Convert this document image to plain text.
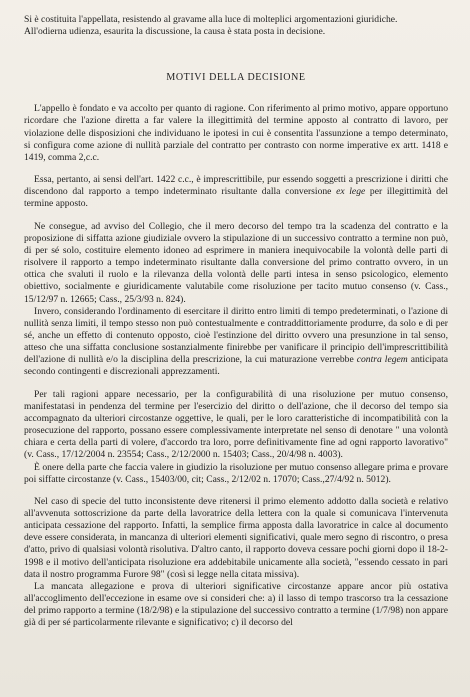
Si è costituita l'appellata, resistendo al gravame alla luce di molteplici argomentazioni giuridiche.
All'odierna udienza, esaurita la discussione, la causa è stata posta in decisione.

MOTIVI DELLA DECISIONE

L'appello è fondato e va accolto per quanto di ragione. Con riferimento al primo motivo, appare opportuno ricordare che l'azione diretta a far valere la illegittimità del termine apposto al contratto di lavoro, per violazione delle disposizioni che individuano le ipotesi in cui è consentita l'assunzione a tempo determinato, si configura come azione di nullità parziale del contratto per contrasto con norme imperative ex artt. 1418 e 1419, comma 2,c.c.

Essa, pertanto, ai sensi dell'art. 1422 c.c., è imprescrittibile, pur essendo soggetti a prescrizione i diritti che discendono dal rapporto a tempo indeterminato risultante dalla conversione ex lege per illegittimità del termine apposto.

Ne consegue, ad avviso del Collegio, che il mero decorso del tempo tra la scadenza del contratto e la proposizione di siffatta azione giudiziale ovvero la stipulazione di un successivo contratto a termine non può, di per sé solo, costituire elemento idoneo ad esprimere in maniera inequivocabile la volontà delle parti di risolvere il rapporto a tempo indeterminato risultante dalla conversione del primo contratto ovvero, in un ottica che svaluti il ruolo e la rilevanza della volontà delle parti intesa in senso psicologico, elemento obiettivo, socialmente e giuridicamente valutabile come risoluzione per tacito mutuo consenso (v. Cass., 15/12/97 n. 12665; Cass., 25/3/93 n. 824).

Invero, considerando l'ordinamento di esercitare il diritto entro limiti di tempo predeterminati, o l'azione di nullità senza limiti, il tempo stesso non può contestualmente e contraddittoriamente produrre, da solo e di per sé, anche un effetto di contenuto opposto, cioè l'estinzione del diritto ovvero una presunzione in tal senso, atteso che una siffatta conclusione sostanzialmente finirebbe per vanificare il principio dell'imprescrittibilità dell'azione di nullità e/o la disciplina della prescrizione, la cui maturazione verrebbe contra legem anticipata secondo contingenti e discrezionali apprezzamenti.

Per tali ragioni appare necessario, per la configurabilità di una risoluzione per mutuo consenso, manifestatasi in pendenza del termine per l'esercizio del diritto o dell'azione, che il decorso del tempo sia accompagnato da ulteriori circostanze oggettive, le quali, per le loro caratteristiche di incompatibilità con la prosecuzione del rapporto, possano essere complessivamente interpretate nel senso di denotare " una volontà chiara e certa della parti di volere, d'accordo tra loro, porre definitivamente fine ad ogni rapporto lavorativo" (v. Cass., 17/12/2004 n. 23554; Cass., 2/12/2000 n. 15403; Cass., 20/4/98 n. 4003).

È onere della parte che faccia valere in giudizio la risoluzione per mutuo consenso allegare prima e provare poi siffatte circostanze (v. Cass., 15403/00, cit; Cass., 2/12/02 n. 17070; Cass.,27/4/92 n. 5012).

Nel caso di specie del tutto inconsistente deve ritenersi il primo elemento addotto dalla società e relativo all'avvenuta sottoscrizione da parte della lavoratrice della lettera con la quale si comunicava l'intervenuta anticipata cessazione del rapporto. Infatti, la semplice firma apposta dalla lavoratrice in calce al documento deve essere considerata, in mancanza di ulteriori elementi significativi, quale mero segno di riscontro, o presa d'atto, privo di qualsiasi volontà risolutiva. D'altro canto, il rapporto doveva cessare pochi giorni dopo il 18-2-1998 e il motivo dell'anticipata risoluzione era addebitabile unicamente alla società, "essendo cessato in pari data il nostro programma Furore 98" (così si legge nella citata missiva).

La mancata allegazione e prova di ulteriori significative circostanze appare ancor più ostativa all'accoglimento dell'eccezione in esame ove si consideri che: a) il lasso di tempo trascorso tra la cessazione del primo rapporto a termine (18/2/98) e la stipulazione del successivo contratto a termine (1/7/98) non appare già di per sé particolarmente rilevante e significativo; c) il decorso del
